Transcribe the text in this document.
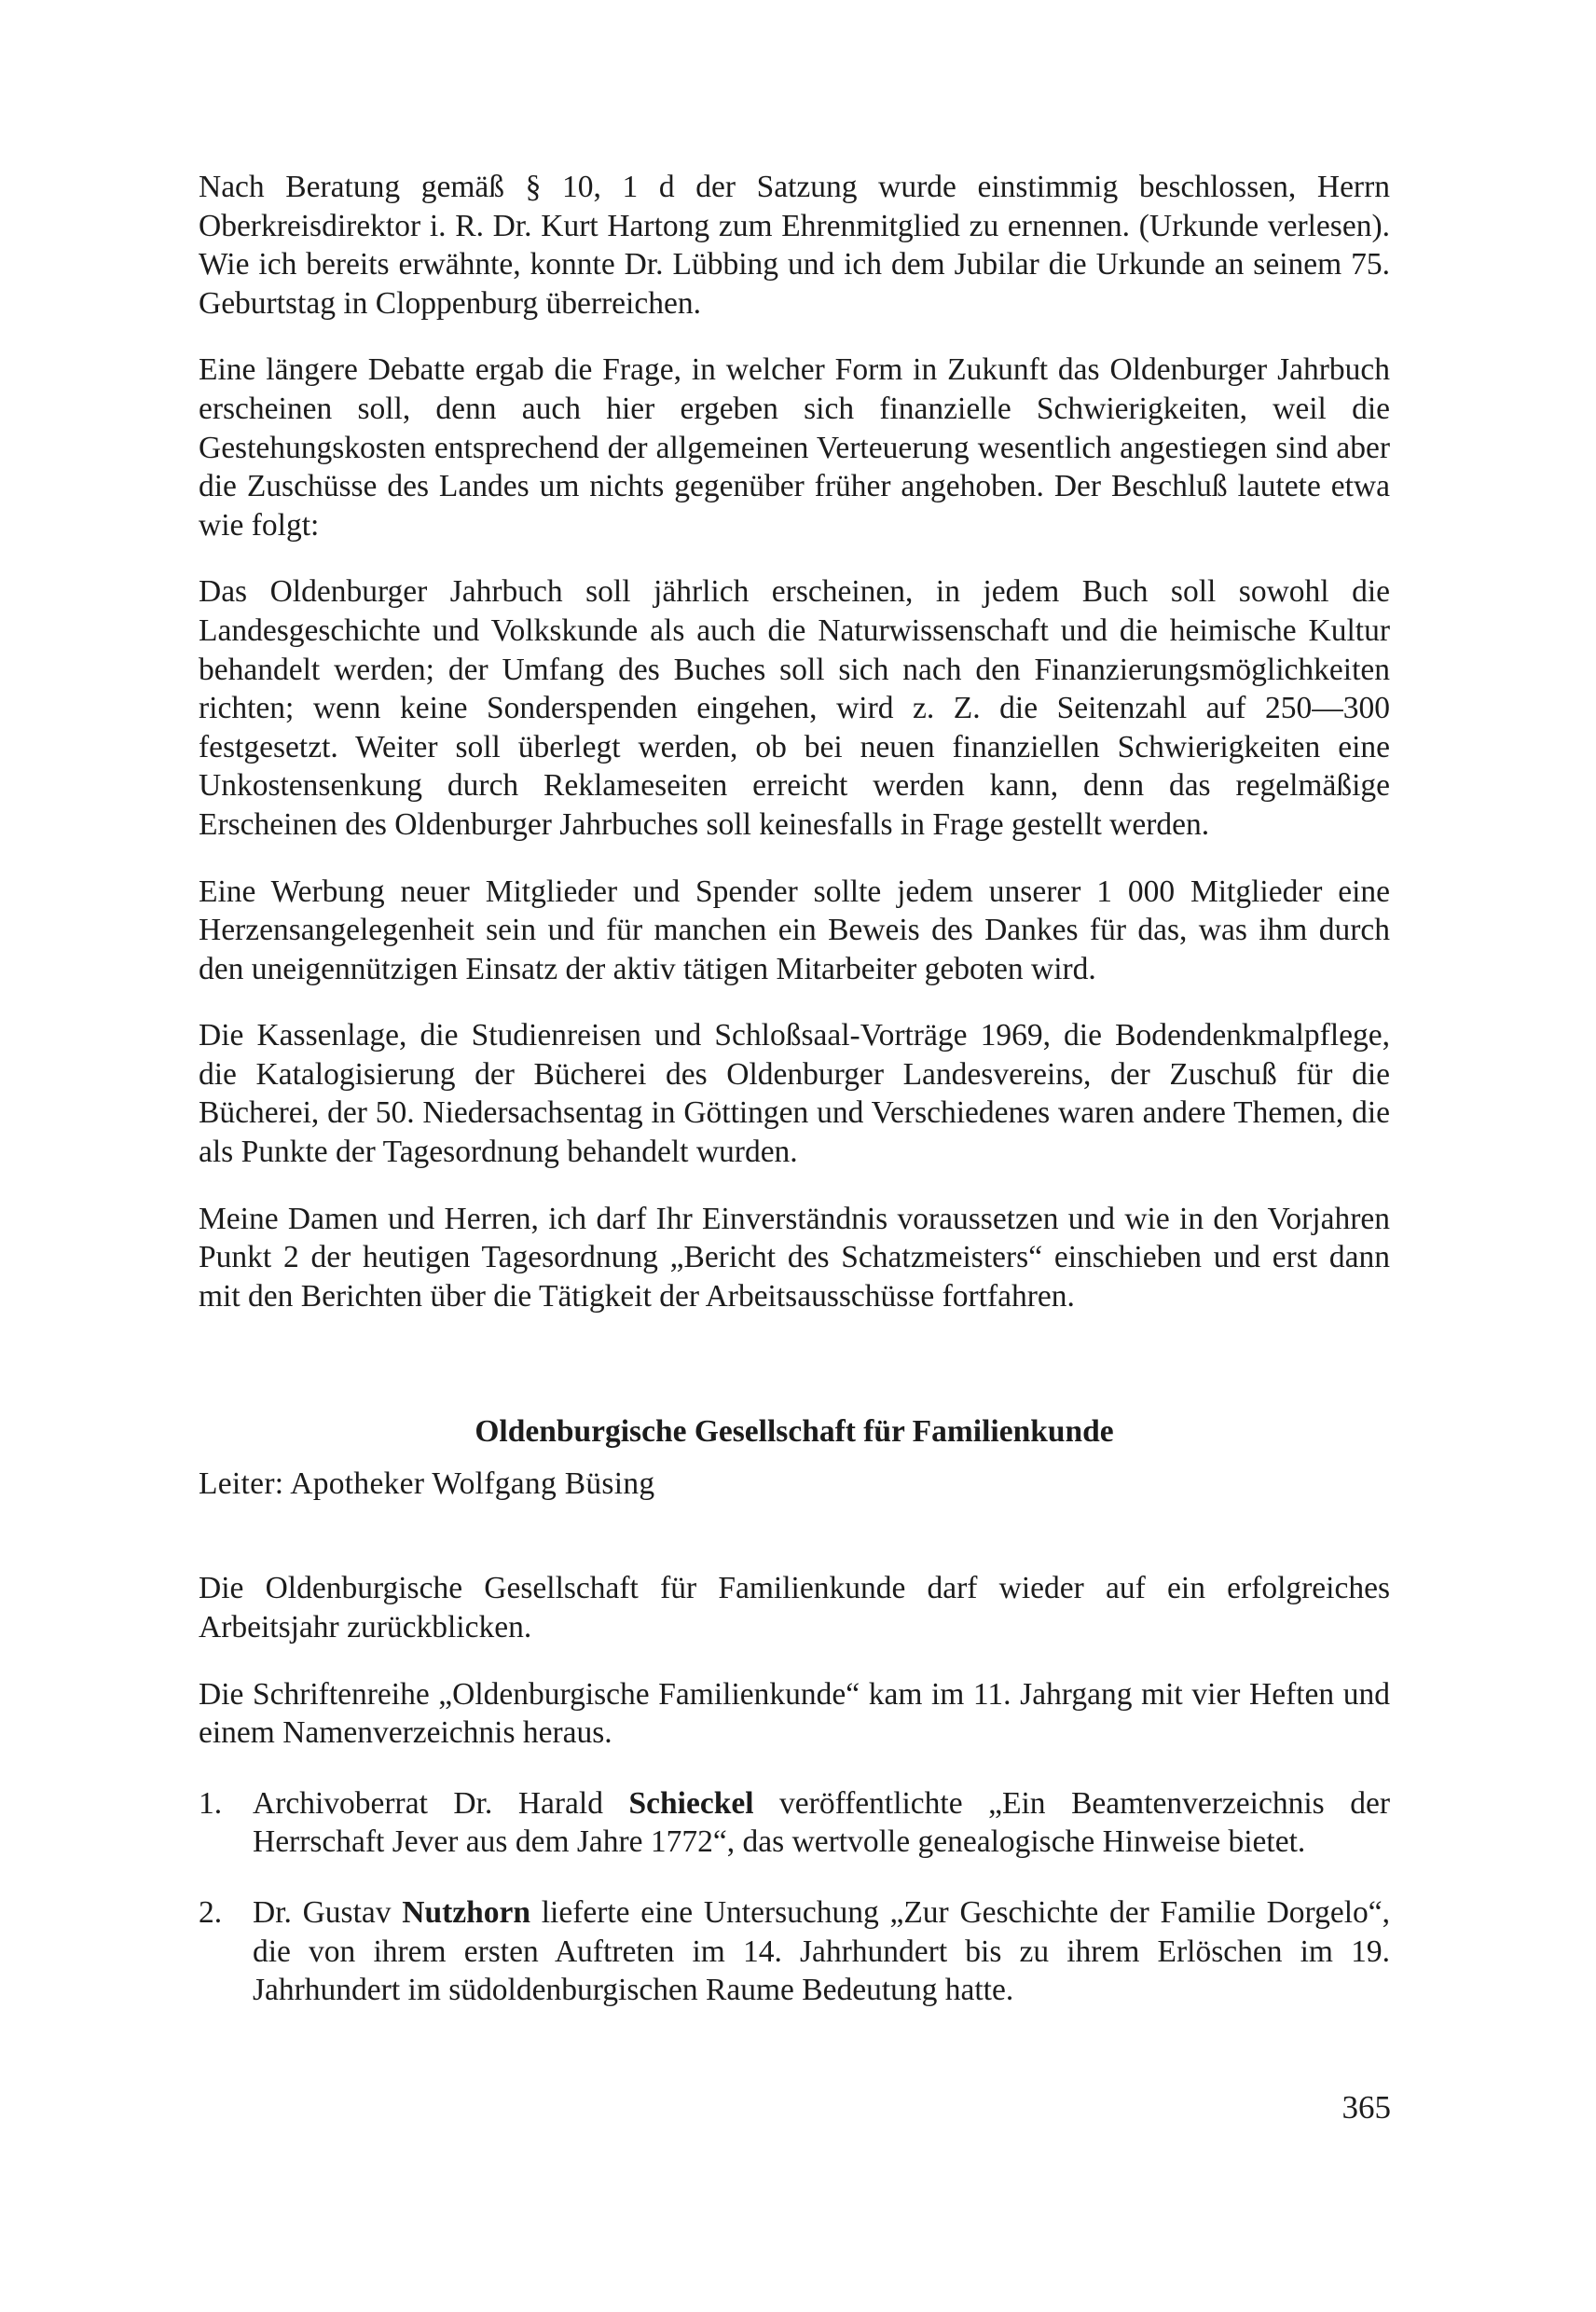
Nach Beratung gemäß § 10, 1 d der Satzung wurde einstimmig beschlossen, Herrn Oberkreisdirektor i. R. Dr. Kurt Hartong zum Ehrenmitglied zu ernennen. (Urkunde verlesen). Wie ich bereits erwähnte, konnte Dr. Lübbing und ich dem Jubilar die Urkunde an seinem 75. Geburtstag in Cloppenburg überreichen.

Eine längere Debatte ergab die Frage, in welcher Form in Zukunft das Oldenburger Jahrbuch erscheinen soll, denn auch hier ergeben sich finanzielle Schwierigkeiten, weil die Gestehungskosten entsprechend der allgemeinen Verteuerung wesentlich angestiegen sind aber die Zuschüsse des Landes um nichts gegenüber früher angehoben. Der Beschluß lautete etwa wie folgt:

Das Oldenburger Jahrbuch soll jährlich erscheinen, in jedem Buch soll sowohl die Landesgeschichte und Volkskunde als auch die Naturwissenschaft und die heimische Kultur behandelt werden; der Umfang des Buches soll sich nach den Finanzierungsmöglichkeiten richten; wenn keine Sonderspenden eingehen, wird z. Z. die Seitenzahl auf 250—300 festgesetzt. Weiter soll überlegt werden, ob bei neuen finanziellen Schwierigkeiten eine Unkostensenkung durch Reklameseiten erreicht werden kann, denn das regelmäßige Erscheinen des Oldenburger Jahrbuches soll keinesfalls in Frage gestellt werden.

Eine Werbung neuer Mitglieder und Spender sollte jedem unserer 1 000 Mitglieder eine Herzensangelegenheit sein und für manchen ein Beweis des Dankes für das, was ihm durch den uneigennützigen Einsatz der aktiv tätigen Mitarbeiter geboten wird.

Die Kassenlage, die Studienreisen und Schloßsaal-Vorträge 1969, die Bodendenkmalpflege, die Katalogisierung der Bücherei des Oldenburger Landesvereins, der Zuschuß für die Bücherei, der 50. Niedersachsentag in Göttingen und Verschiedenes waren andere Themen, die als Punkte der Tagesordnung behandelt wurden.

Meine Damen und Herren, ich darf Ihr Einverständnis voraussetzen und wie in den Vorjahren Punkt 2 der heutigen Tagesordnung „Bericht des Schatzmeisters“ einschieben und erst dann mit den Berichten über die Tätigkeit der Arbeitsausschüsse fortfahren.

Oldenburgische Gesellschaft für Familienkunde
Leiter: Apotheker Wolfgang Büsing

Die Oldenburgische Gesellschaft für Familienkunde darf wieder auf ein erfolgreiches Arbeitsjahr zurückblicken.

Die Schriftenreihe „Oldenburgische Familienkunde“ kam im 11. Jahrgang mit vier Heften und einem Namenverzeichnis heraus.

1. Archivoberrat Dr. Harald Schieckel veröffentlichte „Ein Beamtenverzeichnis der Herrschaft Jever aus dem Jahre 1772“, das wertvolle genealogische Hinweise bietet.

2. Dr. Gustav Nutzhorn lieferte eine Untersuchung „Zur Geschichte der Familie Dorgelo“, die von ihrem ersten Auftreten im 14. Jahrhundert bis zu ihrem Erlöschen im 19. Jahrhundert im südoldenburgischen Raume Bedeutung hatte.

365
